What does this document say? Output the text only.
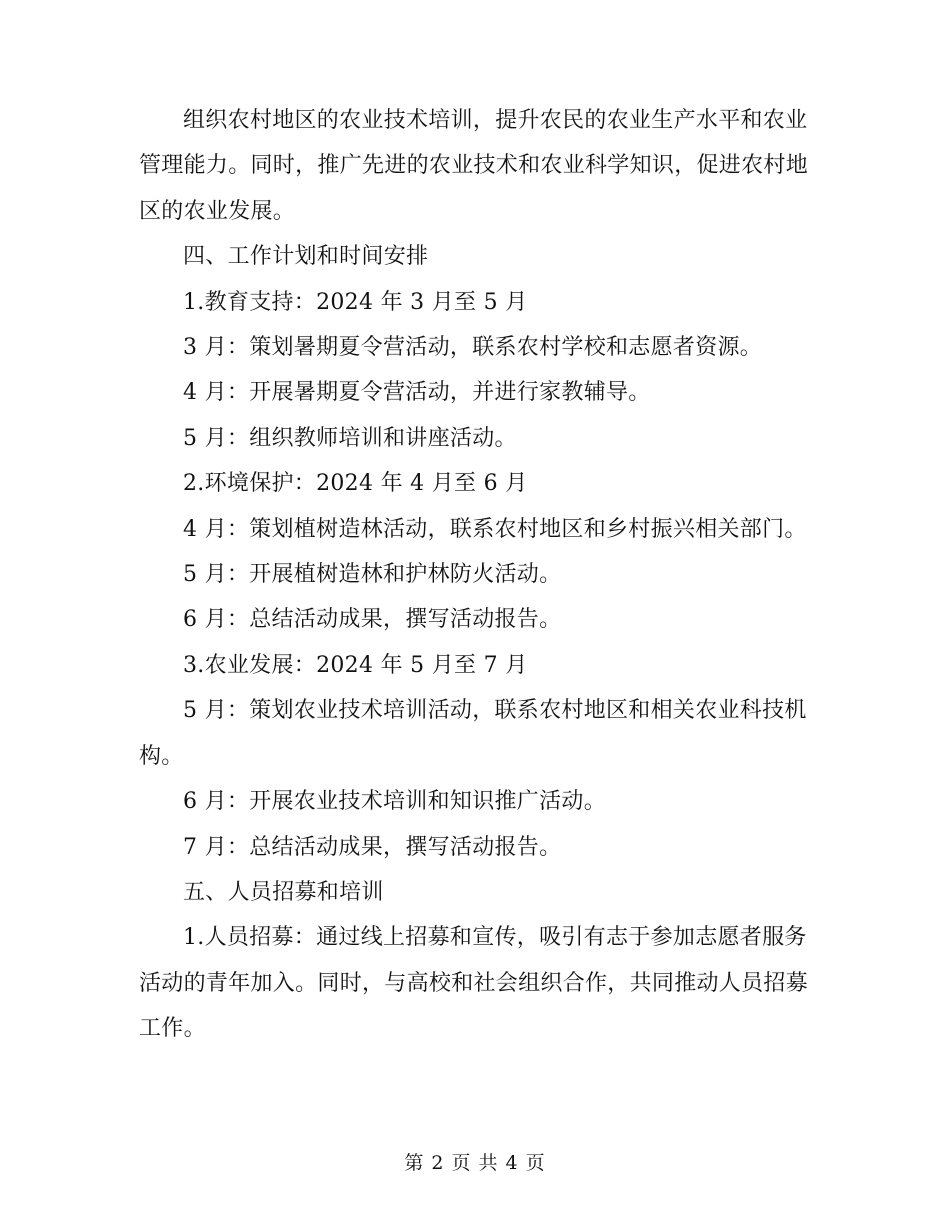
组织农村地区的农业技术培训，提升农民的农业生产水平和农业管理能力。同时，推广先进的农业技术和农业科学知识，促进农村地区的农业发展。

四、工作计划和时间安排

1.教育支持：2024 年 3 月至 5 月

3 月：策划暑期夏令营活动，联系农村学校和志愿者资源。

4 月：开展暑期夏令营活动，并进行家教辅导。

5 月：组织教师培训和讲座活动。

2.环境保护：2024 年 4 月至 6 月

4 月：策划植树造林活动，联系农村地区和乡村振兴相关部门。

5 月：开展植树造林和护林防火活动。

6 月：总结活动成果，撰写活动报告。

3.农业发展：2024 年 5 月至 7 月

5 月：策划农业技术培训活动，联系农村地区和相关农业科技机构。

6 月：开展农业技术培训和知识推广活动。

7 月：总结活动成果，撰写活动报告。

五、人员招募和培训

1.人员招募：通过线上招募和宣传，吸引有志于参加志愿者服务活动的青年加入。同时，与高校和社会组织合作，共同推动人员招募工作。

第 2 页 共 4 页
